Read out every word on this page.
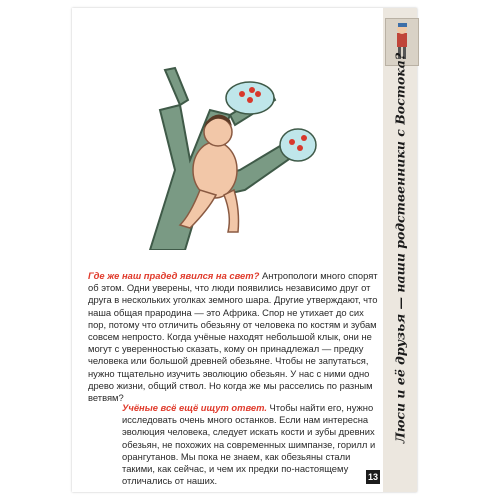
Люси и её друзья — наши родственники с Востока?
Где же наш прадед явился на свет? Антропологи много спорят об этом. Одни уверены, что люди появились независимо друг от друга в нескольких уголках земного шара. Другие утверждают, что наша общая прародина — это Африка. Спор не утихает до сих пор, потому что отличить обезьяну от человека по костям и зубам совсем непросто. Когда учёные находят небольшой клык, они не могут с уверенностью сказать, кому он принадлежал — предку человека или большой древней обезьяне. Чтобы не запутаться, нужно тщательно изучить эволюцию обезьян. У нас с ними одно древо жизни, общий ствол. Но когда же мы расселись по разным ветвям?
Учёные всё ещё ищут ответ. Чтобы найти его, нужно исследовать очень много останков. Если нам интересна эволюция человека, следует искать кости и зубы древних обезьян, не похожих на современных шимпанзе, горилл и орангутанов. Мы пока не знаем, как обезьяны стали такими, как сейчас, и чем их предки по-настоящему отличались от наших.	13
